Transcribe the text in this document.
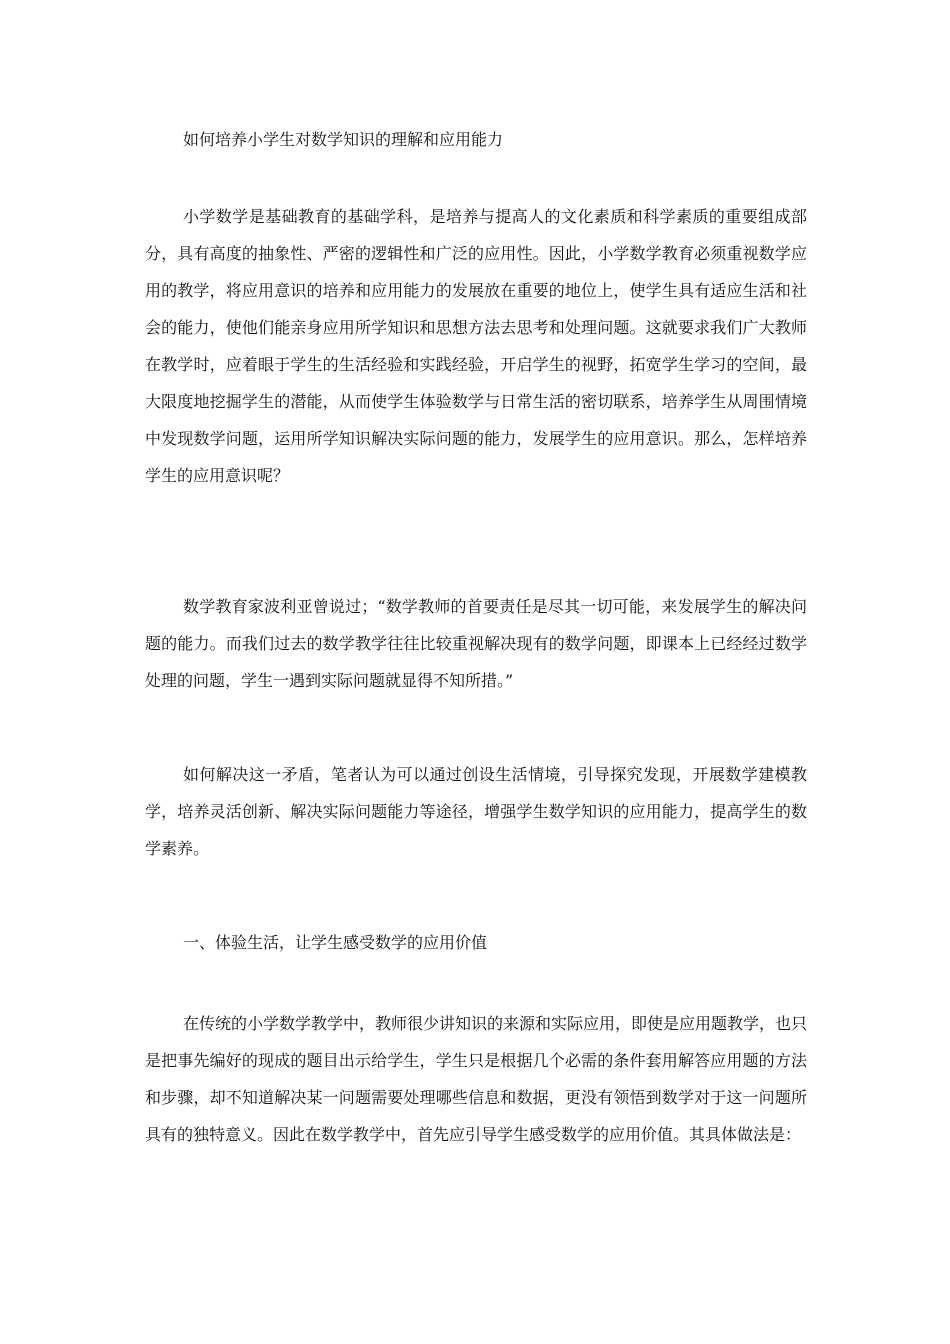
如何培养小学生对数学知识的理解和应用能力

小学数学是基础教育的基础学科，是培养与提高人的文化素质和科学素质的重要组成部分，具有高度的抽象性、严密的逻辑性和广泛的应用性。因此，小学数学教育必须重视数学应用的教学，将应用意识的培养和应用能力的发展放在重要的地位上，使学生具有适应生活和社会的能力，使他们能亲身应用所学知识和思想方法去思考和处理问题。这就要求我们广大教师在教学时，应着眼于学生的生活经验和实践经验，开启学生的视野，拓宽学生学习的空间，最大限度地挖掘学生的潜能，从而使学生体验数学与日常生活的密切联系，培养学生从周围情境中发现数学问题，运用所学知识解决实际问题的能力，发展学生的应用意识。那么，怎样培养学生的应用意识呢？

数学教育家波利亚曾说过；“数学教师的首要责任是尽其一切可能，来发展学生的解决问题的能力。而我们过去的数学教学往往比较重视解决现有的数学问题，即课本上已经经过数学处理的问题，学生一遇到实际问题就显得不知所措。”

如何解决这一矛盾，笔者认为可以通过创设生活情境，引导探究发现，开展数学建模教学，培养灵活创新、解决实际问题能力等途径，增强学生数学知识的应用能力，提高学生的数学素养。

一、体验生活，让学生感受数学的应用价值

在传统的小学数学教学中，教师很少讲知识的来源和实际应用，即使是应用题教学，也只是把事先编好的现成的题目出示给学生，学生只是根据几个必需的条件套用解答应用题的方法和步骤，却不知道解决某一问题需要处理哪些信息和数据，更没有领悟到数学对于这一问题所具有的独特意义。因此在数学教学中，首先应引导学生感受数学的应用价值。其具体做法是：
